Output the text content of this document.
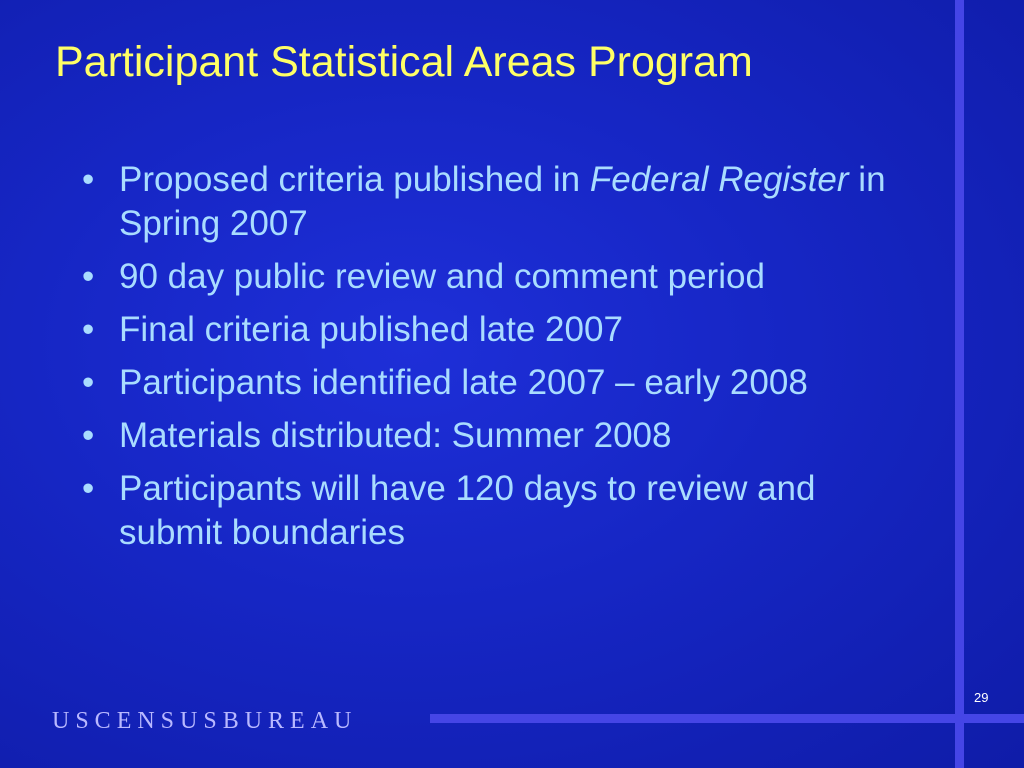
Participant Statistical Areas Program
• Proposed criteria published in Federal Register in Spring 2007
• 90 day public review and comment period
• Final criteria published late 2007
• Participants identified late 2007 – early 2008
• Materials distributed: Summer 2008
• Participants will have 120 days to review and submit boundaries
29
USCENSUSBUREAU
